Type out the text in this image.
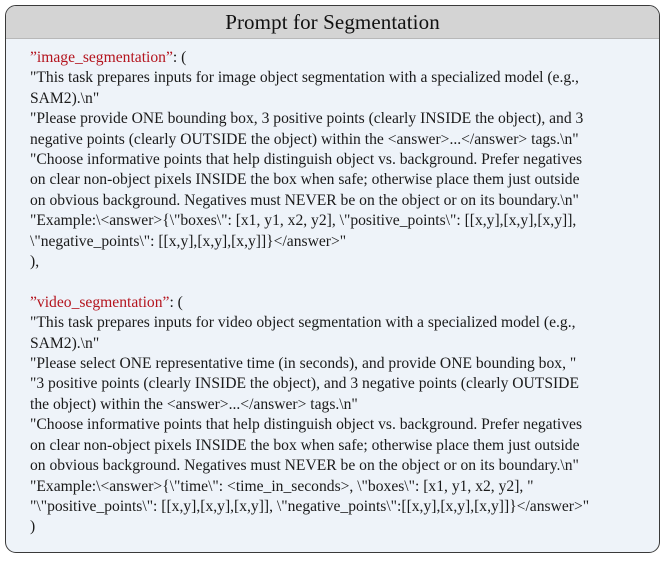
Prompt for Segmentation
”image_segmentation”: (
"This task prepares inputs for image object segmentation with a specialized model (e.g.,
SAM2).\n"
"Please provide ONE bounding box, 3 positive points (clearly INSIDE the object), and 3
negative points (clearly OUTSIDE the object) within the <answer>...</answer> tags.\n"
"Choose informative points that help distinguish object vs. background. Prefer negatives
on clear non-object pixels INSIDE the box when safe; otherwise place them just outside
on obvious background. Negatives must NEVER be on the object or on its boundary.\n"
"Example:\<answer>{\"boxes\": [x1, y1, x2, y2], \"positive_points\": [[x,y],[x,y],[x,y]],
\"negative_points\": [[x,y],[x,y],[x,y]]}</answer>"
),
”video_segmentation”: (
"This task prepares inputs for video object segmentation with a specialized model (e.g.,
SAM2).\n"
"Please select ONE representative time (in seconds), and provide ONE bounding box, "
"3 positive points (clearly INSIDE the object), and 3 negative points (clearly OUTSIDE
the object) within the <answer>...</answer> tags.\n"
"Choose informative points that help distinguish object vs. background. Prefer negatives
on clear non-object pixels INSIDE the box when safe; otherwise place them just outside
on obvious background. Negatives must NEVER be on the object or on its boundary.\n"
"Example:\<answer>{\"time\": <time_in_seconds>, \"boxes\": [x1, y1, x2, y2], "
"\"positive_points\": [[x,y],[x,y],[x,y]], \"negative_points\":[[x,y],[x,y],[x,y]]}</answer>"
)
